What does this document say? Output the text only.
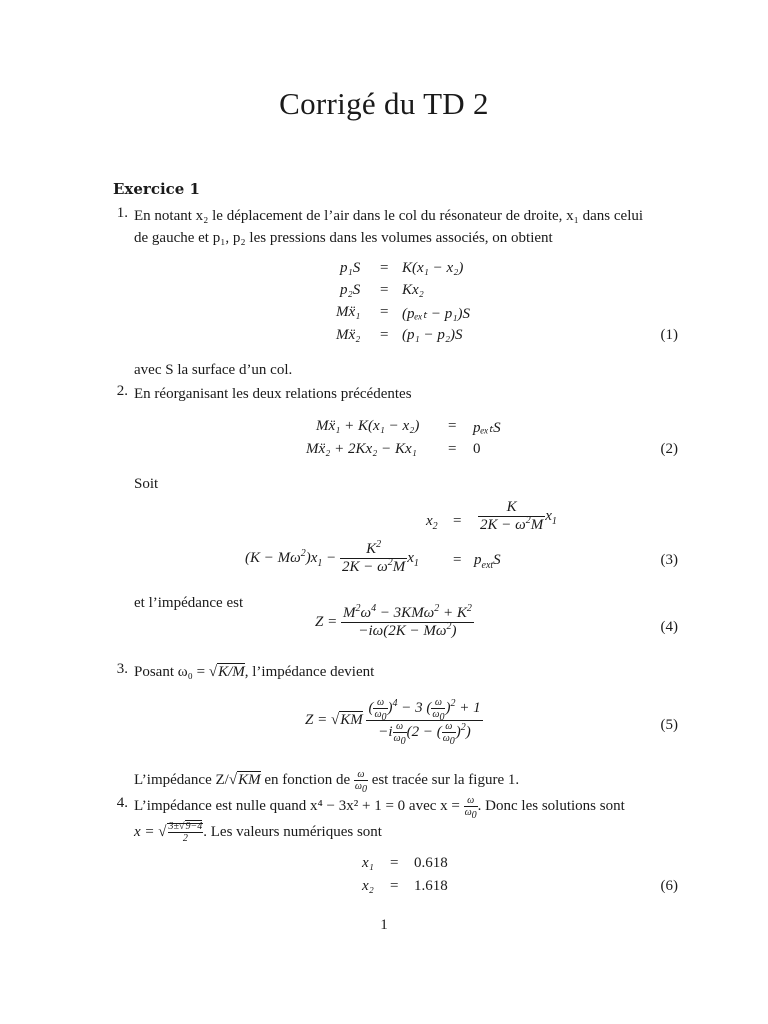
Corrigé du TD 2
Exercice 1
1. En notant x₂ le déplacement de l’air dans le col du résonateur de droite, x₁ dans celui
de gauche et p₁, p₂ les pressions dans les volumes associés, on obtient
p₁S = K(x₁ − x₂)
p₂S = Kx₂
Mẍ₁ = (pₑₓₜ − p₁)S
Mẍ₂ = (p₁ − p₂)S	(1)
avec S la surface d’un col.
2. En réorganisant les deux relations précédentes
Mẍ₁ + K(x₁ − x₂) = pₑₓₜS
Mẍ₂ + 2Kx₂ − Kx₁ = 0	(2)
Soit
$x_2 = \frac{K}{2K - \omega^2M} x_1$
$(K - M\omega^2)x_1 - \frac{K^2}{2K - \omega^2M} x_1 = p_{ext}S$	(3)
et l’impédance est
$Z = \frac{M^2\omega^4 - 3KM\omega^2 + K^2}{-i\omega(2K - M\omega^2)}$	(4)
3. Posant ω₀ = √K/M, l’impédance devient
$Z = √KM \frac{( \frac{\omega}{\omega_0} )^4 - 3 ( \frac{\omega}{\omega_0} )^2 + 1}{-i \frac{\omega}{\omega_0} (2 - ( \frac{\omega}{\omega_0} )^2)}$	(5)
L’impédance Z/√KM en fonction de $\frac{\omega}{\omega_0}$ est tracée sur la figure 1.
4. L’impédance est nulle quand x⁴ − 3x² + 1 = 0 avec $x = \frac{\omega}{\omega_0}$ . Donc les solutions sont
x = √ $\frac{3\pm√9-4}{2}$ . Les valeurs numériques sont
x₁ = 0.618
x₂ = 1.618	(6)
1
